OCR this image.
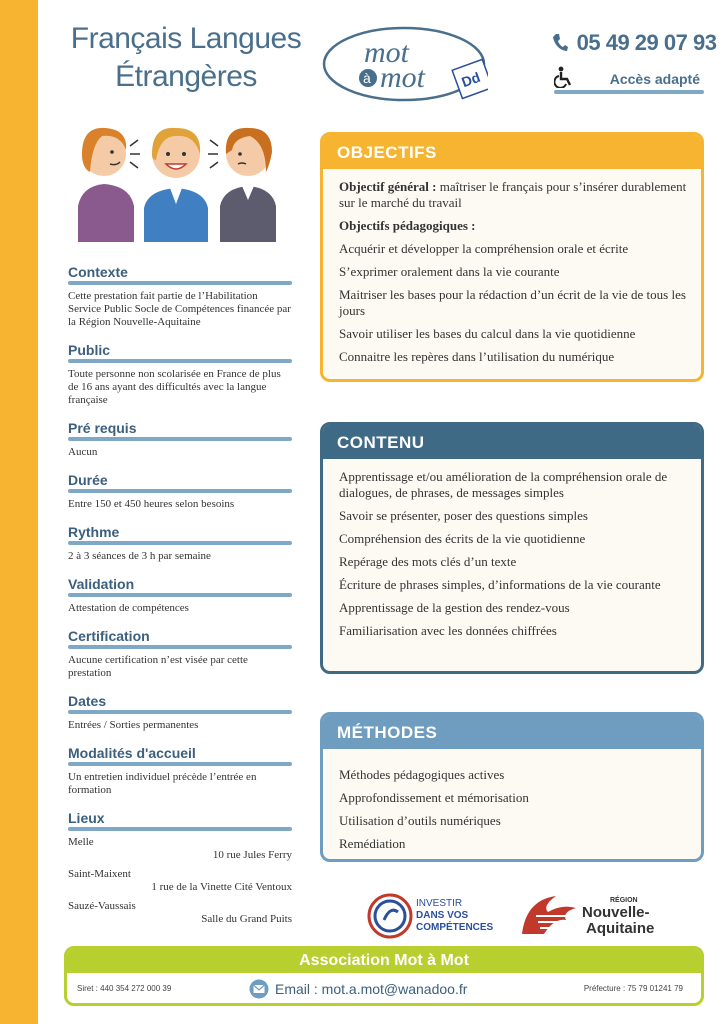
Français Langues
Étrangères
mot
à mot Dd
05 49 29 07 93
Accès adapté
Contexte
Cette prestation fait partie de l’Habilitation Service Public Socle de Compétences financée par la Région Nouvelle-Aquitaine
Public
Toute personne non scolarisée en France de plus de 16 ans ayant des difficultés avec la langue française
Pré requis
Aucun
Durée
Entre 150 et 450 heures selon besoins
Rythme
2 à 3 séances de 3 h par semaine
Validation
Attestation de compétences
Certification
Aucune certification n’est visée par cette prestation
Dates
Entrées / Sorties permanentes
Modalités d'accueil
Un entretien individuel précède l’entrée en formation
Lieux
Melle
10 rue Jules Ferry
Saint-Maixent
1 rue de la Vinette Cité Ventoux
Sauzé-Vaussais
Salle du Grand Puits
OBJECTIFS
Objectif général : maîtriser le français pour s’insérer durablement sur le marché du travail
Objectifs pédagogiques :
Acquérir et développer la compréhension orale et écrite
S’exprimer oralement dans la vie courante
Maitriser les bases pour la rédaction d’un écrit de la vie de tous les jours
Savoir utiliser les bases du calcul dans la vie quotidienne
Connaitre les repères dans l’utilisation du numérique
CONTENU
Apprentissage et/ou amélioration de la compréhension orale de dialogues, de phrases, de messages simples
Savoir se présenter, poser des questions simples
Compréhension des écrits de la vie quotidienne
Repérage des mots clés d’un texte
Écriture de phrases simples, d’informations de la vie courante
Apprentissage de la gestion des rendez-vous
Familiarisation avec les données chiffrées
MÉTHODES
Méthodes pédagogiques actives
Approfondissement et mémorisation
Utilisation d’outils numériques
Remédiation
INVESTIR
DANS VOS
COMPÉTENCES
RÉGION
Nouvelle-
Aquitaine
Association Mot à Mot
Siret : 440 354 272 000 39	Email : mot.a.mot@wanadoo.fr	Préfecture : 75 79 01241 79
